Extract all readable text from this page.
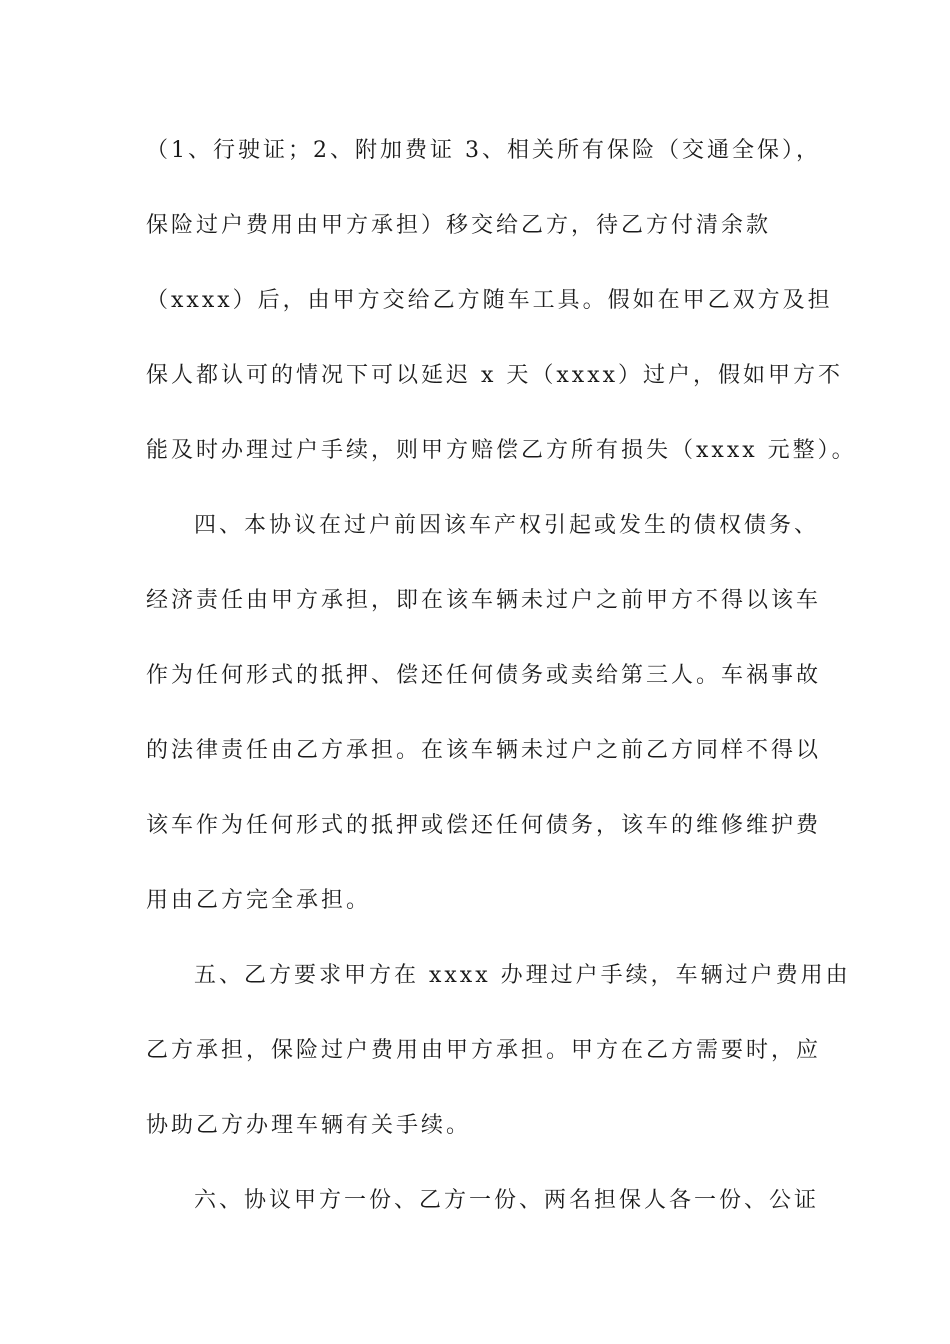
（1、行驶证；2、附加费证 3、相关所有保险（交通全保），
保险过户费用由甲方承担）移交给乙方，待乙方付清余款
（xxxx）后，由甲方交给乙方随车工具。假如在甲乙双方及担
保人都认可的情况下可以延迟 x 天（xxxx）过户，假如甲方不
能及时办理过户手续，则甲方赔偿乙方所有损失（xxxx 元整）。
四、本协议在过户前因该车产权引起或发生的债权债务、
经济责任由甲方承担，即在该车辆未过户之前甲方不得以该车
作为任何形式的抵押、偿还任何债务或卖给第三人。车祸事故
的法律责任由乙方承担。在该车辆未过户之前乙方同样不得以
该车作为任何形式的抵押或偿还任何债务，该车的维修维护费
用由乙方完全承担。
五、乙方要求甲方在 xxxx 办理过户手续，车辆过户费用由
乙方承担，保险过户费用由甲方承担。甲方在乙方需要时，应
协助乙方办理车辆有关手续。
六、协议甲方一份、乙方一份、两名担保人各一份、公证
